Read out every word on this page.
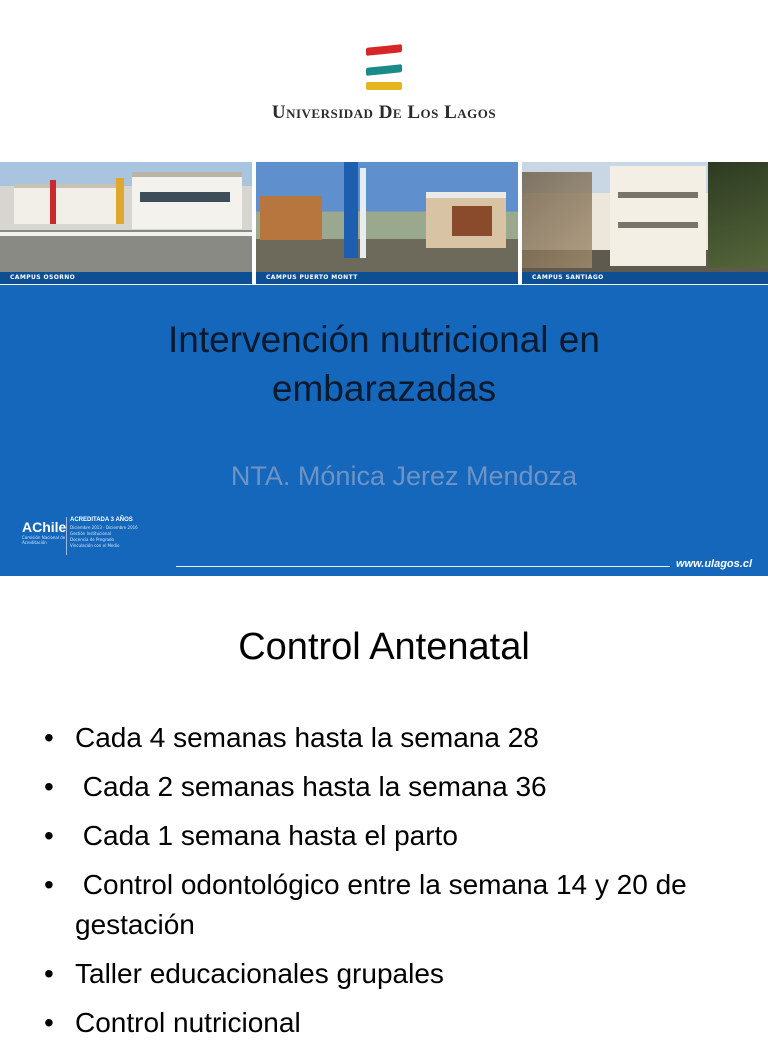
Universidad De Los Lagos
CAMPUS OSORNO	CAMPUS PUERTO MONTT	CAMPUS SANTIAGO
Intervención nutricional en
embarazadas
NTA. Mónica Jerez Mendoza
AChile
Comisión Nacional de Acreditación
ACREDITADA 3 AÑOS
Diciembre 2013 - Diciembre 2016
Gestión Institucional
Docencia de Pregrado
Vinculación con el Medio
www.ulagos.cl
Control Antenatal
• Cada 4 semanas hasta la semana 28
• Cada 2 semanas hasta la semana 36
• Cada 1 semana hasta el parto
• Control odontológico entre la semana 14 y 20 de gestación
• Taller educacionales grupales
• Control nutricional
